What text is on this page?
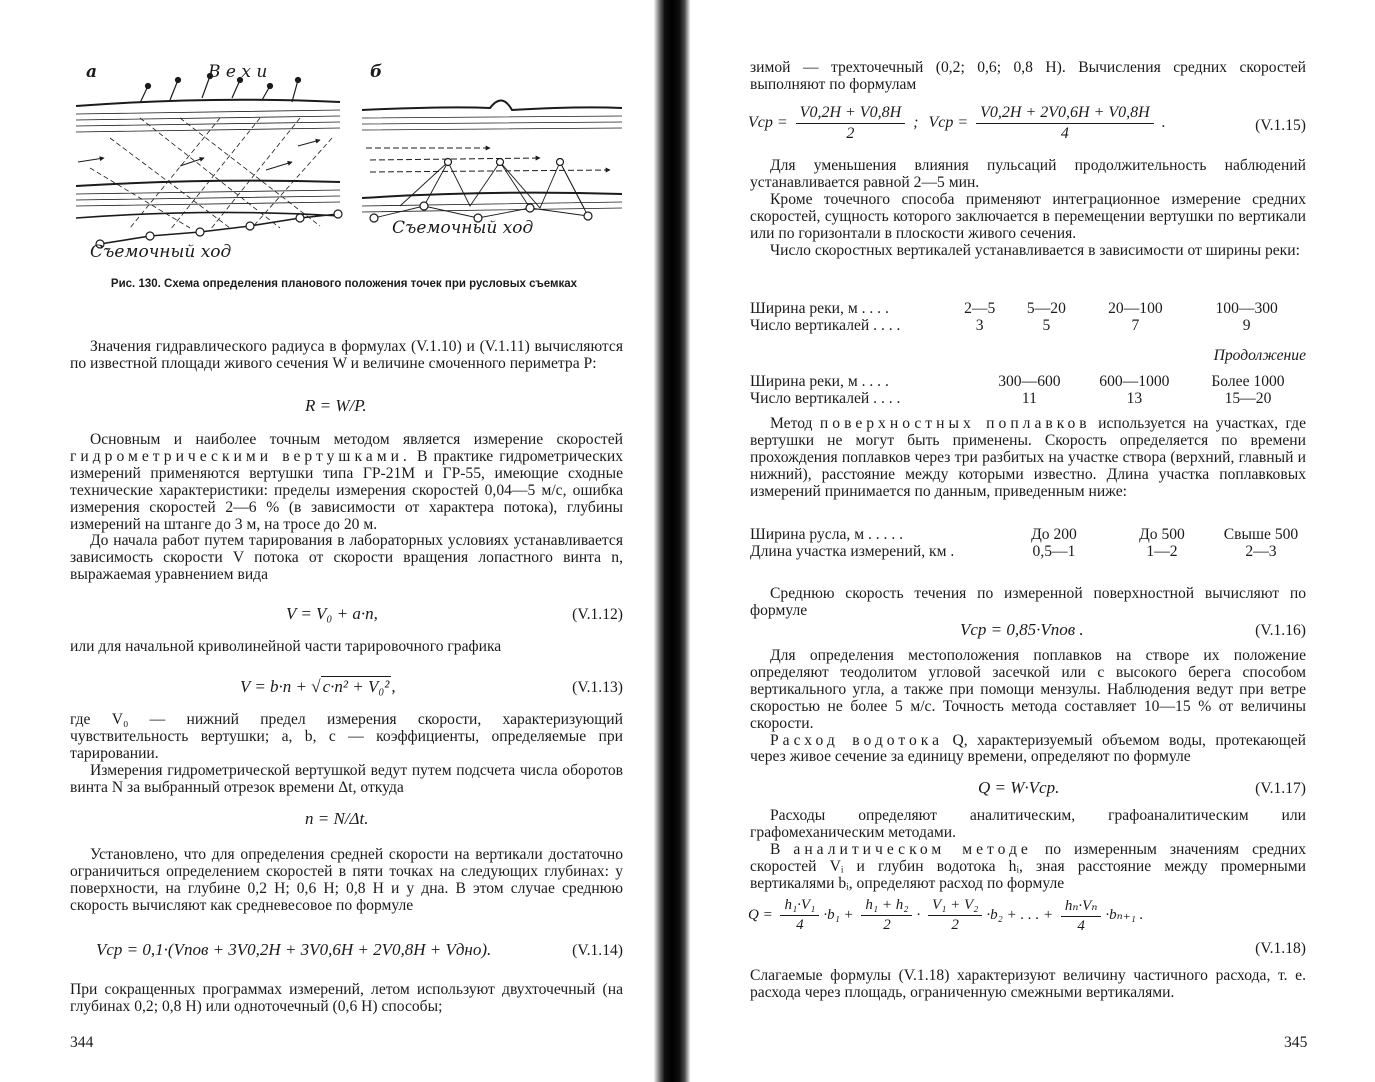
а	В е х и	б
Съемочный ход
Съемочный ход
Рис. 130. Схема определения планового положения точек при русловых съемках

Значения гидравлического радиуса в формулах (V.1.10) и (V.1.11) вычисляются по известной площади живого сечения W и величине смоченного периметра P:

R = W/P.

Основным и наиболее точным методом является измерение скоростей гидрометрическими вертушками. В практике гидрометрических измерений применяются вертушки типа ГР-21М и ГР-55, имеющие сходные технические характеристики: пределы измерения скоростей 0,04—5 м/с, ошибка измерения скоростей 2—6 % (в зависимости от характера потока), глубины измерений на штанге до 3 м, на тросе до 20 м.

До начала работ путем тарирования в лабораторных условиях устанавливается зависимость скорости V потока от скорости вращения лопастного винта n, выражаемая уравнением вида

V = V₀ + a·n,	(V.1.12)

или для начальной криволинейной части тарировочного графика

V = b·n + √ c·n² + V₀² ,	(V.1.13)

где V₀ — нижний предел измерения скорости, характеризующий чувствительность вертушки; a, b, c — коэффициенты, определяемые при тарировании.

Измерения гидрометрической вертушкой ведут путем подсчета числа оборотов винта N за выбранный отрезок времени Δt, откуда

n = N/Δt.

Установлено, что для определения средней скорости на вертикали достаточно ограничиться определением скоростей в пяти точках на следующих глубинах: у поверхности, на глубине 0,2 H; 0,6 H; 0,8 H и у дна. В этом случае среднюю скорость вычисляют как средневесовое по формуле

Vср = 0,1·(Vпов + 3V0,2H + 3V0,6H + 2V0,8H + Vдно).	(V.1.14)

При сокращенных программах измерений, летом используют двухточечный (на глубинах 0,2; 0,8 H) или одноточечный (0,6 H) способы;

344

зимой — трехточечный (0,2; 0,6; 0,8 H). Вычисления средних скоростей выполняют по формулам

Vср = $\frac{V0,2H + V0,8H}{2}$ ; Vср = $\frac{V0,2H + 2V0,6H + V0,8H}{4}$ .	(V.1.15)

Для уменьшения влияния пульсаций продолжительность наблюдений устанавливается равной 2—5 мин.

Кроме точечного способа применяют интеграционное измерение средних скоростей, сущность которого заключается в перемещении вертушки по вертикали или по горизонтали в плоскости живого сечения.

Число скоростных вертикалей устанавливается в зависимости от ширины реки:

Ширина реки, м . . . .	2—5	5—20	20—100	100—300
Число вертикалей . . . .	3	5	7	9
Продолжение
Ширина реки, м . . . .	300—600	600—1000	Более 1000
Число вертикалей . . . .	11	13	15—20

Метод поверхностных поплавков используется на участках, где вертушки не могут быть применены. Скорость определяется по времени прохождения поплавков через три разбитых на участке створа (верхний, главный и нижний), расстояние между которыми известно. Длина участка поплавковых измерений принимается по данным, приведенным ниже:

Ширина русла, м . . . . .	До 200	До 500	Свыше 500
Длина участка измерений, км .	0,5—1	1—2	2—3

Среднюю скорость течения по измеренной поверхностной вычисляют по формуле

Vср = 0,85·Vпов .	(V.1.16)

Для определения местоположения поплавков на створе их положение определяют теодолитом угловой засечкой или с высокого берега способом вертикального угла, а также при помощи мензулы. Наблюдения ведут при ветре скоростью не более 5 м/с. Точность метода составляет 10—15 % от величины скорости.

Расход водотока Q, характеризуемый объемом воды, протекающей через живое сечение за единицу времени, определяют по формуле

Q = W·Vср.	(V.1.17)

Расходы определяют аналитическим, графоаналитическим или графомеханическим методами.

В аналитическом методе по измеренным значениям средних скоростей Vᵢ и глубин водотока hᵢ, зная расстояние между промерными вертикалями bᵢ, определяют расход по формуле

$Q = \frac{\text{h₁·V₁}}{4} \cdot b_1 + \frac{\text{h₁ + h₂}}{2} \cdot \frac{\text{V₁ + V₂}}{2} \cdot b_2$ + . . . + $\frac{\text{hₙ·Vₙ}}{4} \cdot b_{n+1}$ .
(V.1.18)

Слагаемые формулы (V.1.18) характеризуют величину частичного расхода, т. е. расхода через площадь, ограниченную смежными вертикалями.

345
